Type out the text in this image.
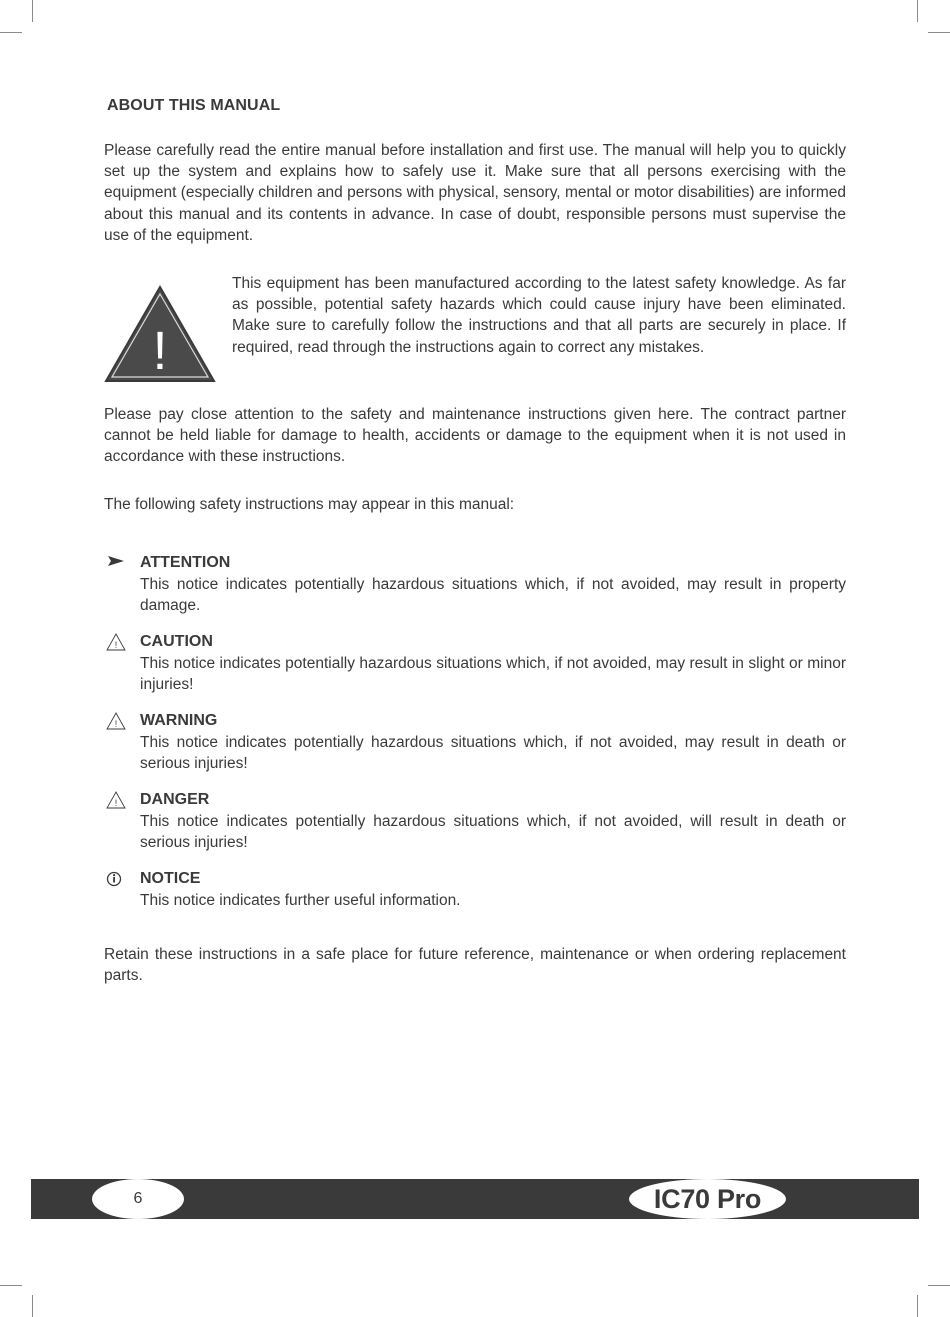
ABOUT THIS MANUAL

Please carefully read the entire manual before installation and first use. The manual will help you to quickly set up the system and explains how to safely use it. Make sure that all persons exercising with the equipment (especially children and persons with physical, sensory, mental or motor disabilities) are informed about this manual and its contents in advance. In case of doubt, responsible persons must supervise the use of the equipment.

!

This equipment has been manufactured according to the latest safety knowledge. As far as possible, potential safety hazards which could cause injury have been eliminated. Make sure to carefully follow the instructions and that all parts are securely in place. If required, read through the instructions again to correct any mistakes.

Please pay close attention to the safety and maintenance instructions given here. The contract partner cannot be held liable for damage to health, accidents or damage to the equipment when it is not used in accordance with these instructions.

The following safety instructions may appear in this manual:

ATTENTION

This notice indicates potentially hazardous situations which, if not avoided, may result in property damage.

! CAUTION

This notice indicates potentially hazardous situations which, if not avoided, may result in slight or minor injuries!

! WARNING

This notice indicates potentially hazardous situations which, if not avoided, may result in death or serious injuries!

! DANGER

This notice indicates potentially hazardous situations which, if not avoided, will result in death or serious injuries!

NOTICE

This notice indicates further useful information.

Retain these instructions in a safe place for future reference, maintenance or when ordering replacement parts.

6	IC70 Pro
